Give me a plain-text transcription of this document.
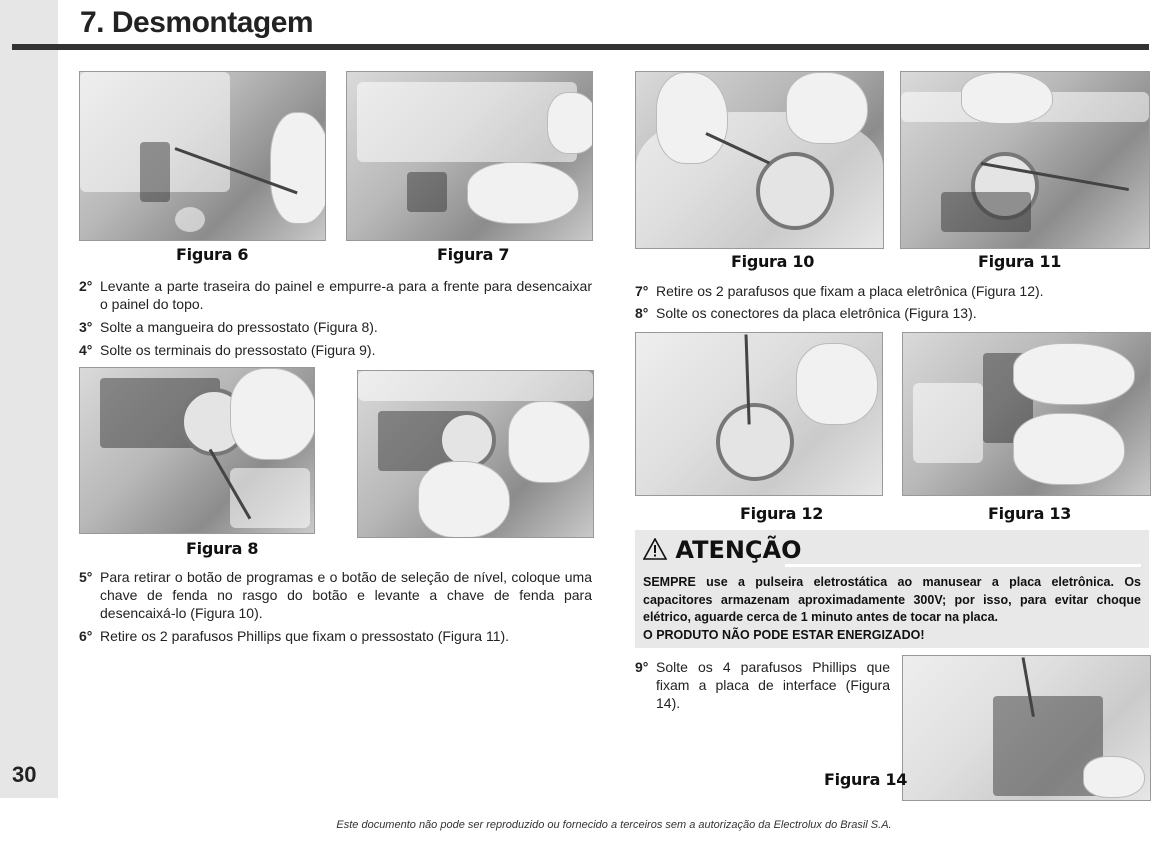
30
7. Desmontagem
Figura 6	Figura 7
2° Levante a parte traseira do painel e empurre-a para a frente para desencaixar o painel do topo.
3° Solte a mangueira do pressostato (Figura 8).
4° Solte os terminais do pressostato (Figura 9).
Figura 8
5° Para retirar o botão de programas e o botão de seleção de nível, coloque uma chave de fenda no rasgo do botão e levante a chave de fenda para desencaixá-lo (Figura 10).
6° Retire os 2 parafusos Phillips que fixam o pressostato (Figura 11).
Figura 10	Figura 11
7° Retire os 2 parafusos que fixam a placa eletrônica (Figura 12).
8° Solte os conectores da placa eletrônica (Figura 13).
Figura 12	Figura 13
ATENÇÃO
SEMPRE use a pulseira eletrostática ao manusear a placa eletrônica. Os capacitores armazenam aproximadamente 300V; por isso, para evitar choque elétrico, aguarde cerca de 1 minuto antes de tocar na placa.
O PRODUTO NÃO PODE ESTAR ENERGIZADO!
9° Solte os 4 parafusos Phillips que fixam a placa de interface (Figura 14).
Figura 14
Este documento não pode ser reproduzido ou fornecido a terceiros sem a autorização da Electrolux do Brasil S.A.
